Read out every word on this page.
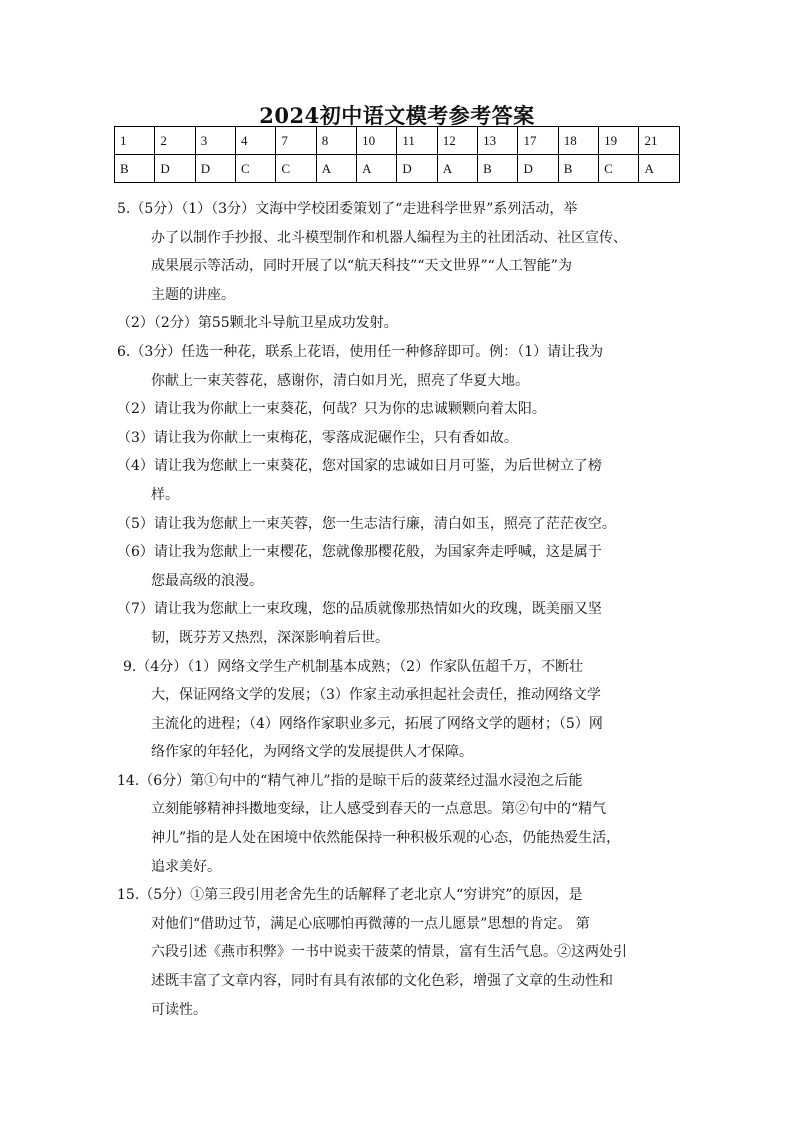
2024初中语文模考参考答案
1	2	3	4	7	8	10	11	12	13	17	18	19	21
B	D	D	C	C	A	A	D	A	B	D	B	C	A
5.（5分）（1）（3分）文海中学校团委策划了“走进科学世界”系列活动，举
办了以制作手抄报、北斗模型制作和机器人编程为主的社团活动、社区宣传、
成果展示等活动，同时开展了以“航天科技”“天文世界”“人工智能”为
主题的讲座。
（2）（2分）第55颗北斗导航卫星成功发射。
6.（3分）任选一种花，联系上花语，使用任一种修辞即可。例：（1）请让我为
你献上一束芙蓉花，感谢你，清白如月光，照亮了华夏大地。
（2）请让我为你献上一束葵花，何哉？只为你的忠诚颗颗向着太阳。
（3）请让我为你献上一束梅花，零落成泥碾作尘，只有香如故。
（4）请让我为您献上一束葵花，您对国家的忠诚如日月可鉴，为后世树立了榜
样。
（5）请让我为您献上一束芙蓉，您一生志洁行廉，清白如玉，照亮了茫茫夜空。
（6）请让我为您献上一束樱花，您就像那樱花般，为国家奔走呼喊，这是属于
您最高级的浪漫。
（7）请让我为您献上一束玫瑰，您的品质就像那热情如火的玫瑰，既美丽又坚
韧，既芬芳又热烈，深深影响着后世。
9.（4分）（1）网络文学生产机制基本成熟；（2）作家队伍超千万，不断壮
大，保证网络文学的发展；（3）作家主动承担起社会责任，推动网络文学
主流化的进程；（4）网络作家职业多元，拓展了网络文学的题材；（5）网
络作家的年轻化，为网络文学的发展提供人才保障。
14.（6分）第①句中的“精气神儿”指的是晾干后的菠菜经过温水浸泡之后能
立刻能够精神抖擞地变绿，让人感受到春天的一点意思。第②句中的“精气
神儿”指的是人处在困境中依然能保持一种积极乐观的心态，仍能热爱生活，
追求美好。
15.（5分）①第三段引用老舍先生的话解释了老北京人“穷讲究”的原因，是
对他们“借助过节，满足心底哪怕再微薄的一点儿愿景”思想的肯定。 第
六段引述《燕市积弊》一书中说卖干菠菜的情景，富有生活气息。②这两处引
述既丰富了文章内容，同时有具有浓郁的文化色彩，增强了文章的生动性和
可读性。
